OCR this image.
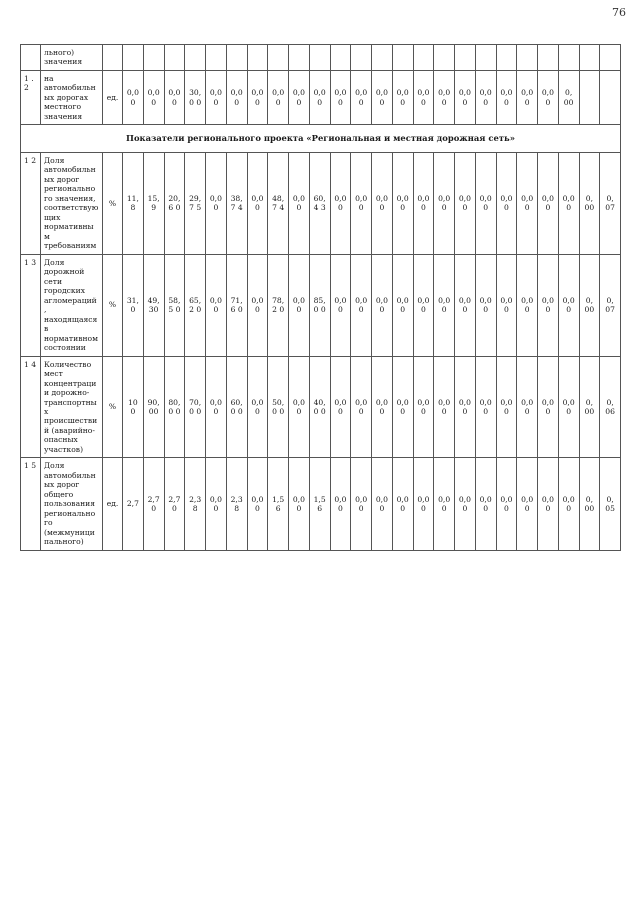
76
	льного) значения																									
1 . 2	на автомобильных дорогах местного значения	ед.	0,00	0,0 0	0,00	30,0 0	0,0 0	0,00	0,0 0	0,00	0,00	0,00	0,00	0,0 0	0,0 0	0,00	0,00	0,00	0,00	0,0 0	0,00	0,0 0	0,00	0, 00		
Показатели регионального проекта «Региональная и местная дорожная сеть»																										
1 2	Доля автомобильных дорог регионального значения, соответствующих нормативным требованиям	%	11,8	15, 9	20,6 0	29,7 5	0,0 0	38,7 4	0,0 0	48,7 4	0,00	60,4 3	0,00	0,00	0,0 0	0,0 0	0,00	0,00	0,00	0,00	0,0 0	0,00	0,0 0	0,00	0, 00	0, 07
1 3	Доля дорожной сети городских агломераций, находящаяся в нормативном состоянии	%	31,0	49, 30	58,5 0	65,2 0	0,0 0	71,6 0	0,0 0	78,2 0	0,00	85,0 0	0,00	0,00	0,0 0	0,0 0	0,00	0,00	0,00	0,00	0,0 0	0,00	0,0 0	0,00	0, 00	0, 07
1 4	Количество мест концентрации дорожно-транспортных происшествий (аварийно-опасных участков)	%	100	90, 00	80,0 0	70,0 0	0,0 0	60,0 0	0,0 0	50,0 0	0,00	40,0 0	0,00	0,00	0,0 0	0,0 0	0,00	0,00	0,00	0,00	0,0 0	0,00	0,0 0	0,00	0, 00	0, 06
1 5	Доля автомобильных дорог общего пользования регионального (межмуниципального)	ед.	2,7	2,7 0	2,70	2,38	0,0 0	2,38	0,0 0	1,56	0,00	1,56	0,00	0,00	0,0 0	0,0 0	0,00	0,00	0,00	0,00	0,0 0	0,00	0,0 0	0,00	0, 00	0, 05
